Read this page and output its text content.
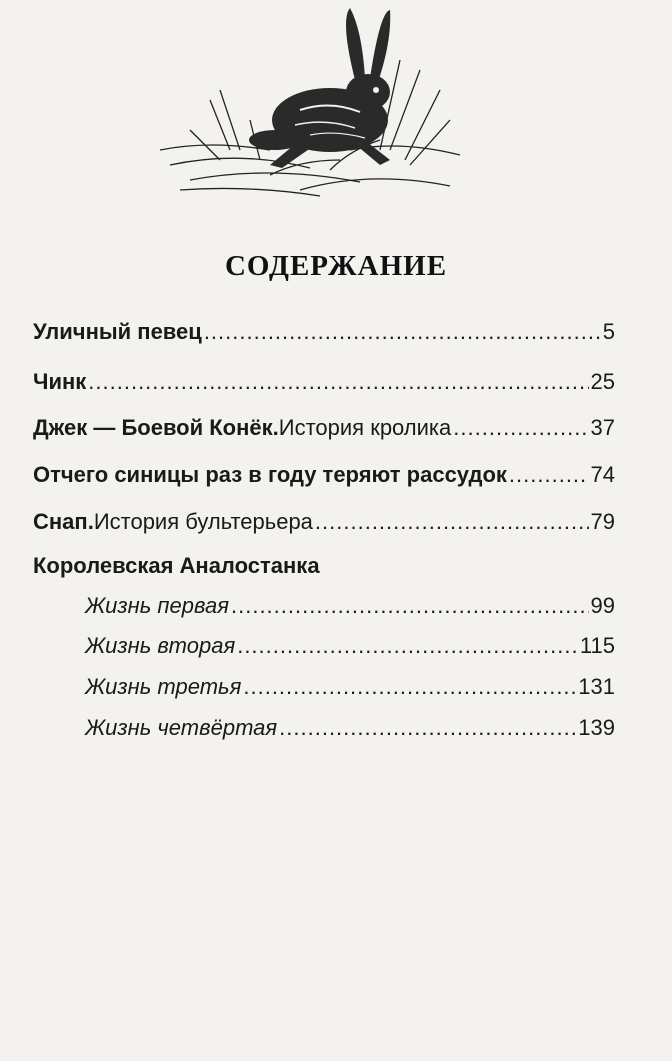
СОДЕРЖАНИЕ
Уличный певец .....	5
Чинк .....	25
Джек — Боевой Конёк. История кролика .....	37
Отчего синицы раз в году теряют рассудок .....	74
Снап. История бультерьера .....	79
Королевская Аналостанка
Жизнь первая .....	99
Жизнь вторая .....	115
Жизнь третья .....	131
Жизнь четвёртая .....	139
